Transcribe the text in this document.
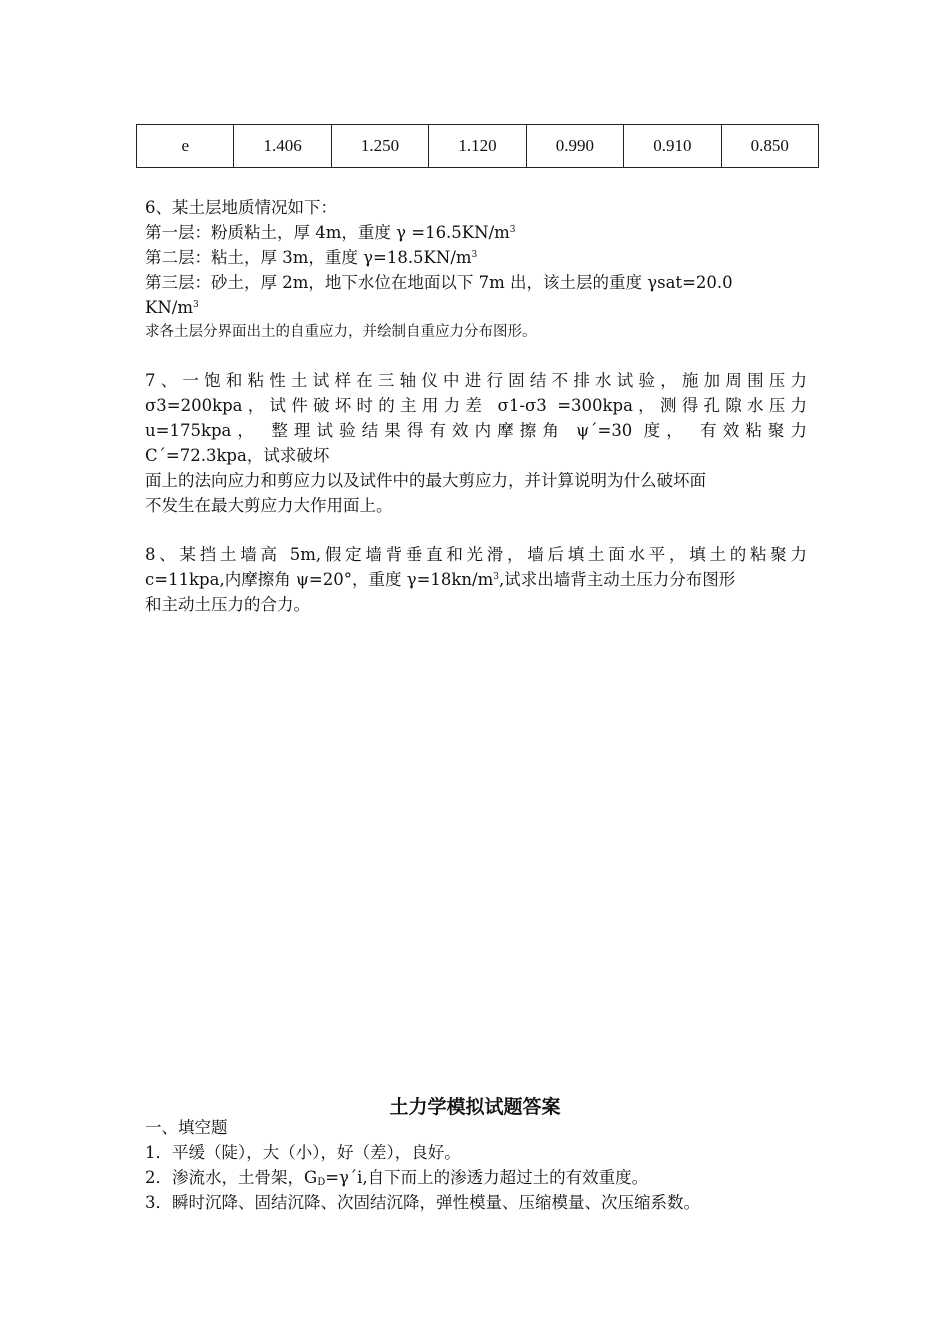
e	1.406	1.250	1.120	0.990	0.910	0.850

6、某土层地质情况如下：

第一层：粉质粘土，厚 4m，重度 $\gamma =16.5KN/m^3$

第二层：粘土，厚 3m，重度 $\gamma=18.5KN/m^3$

第三层：砂土，厚 2m，地下水位在地面以下 7m 出，该土层的重度 γsat=20.0

$KN/m^3$

求各土层分界面出土的自重应力，并绘制自重应力分布图形。

7、一饱和粘性土试样在三轴仪中进行固结不排水试验，施加周围压力

σ3=200kpa，试件破坏时的主用力差 σ1-σ3 =300kpa，测得孔隙水压力

u=175kpa， 整理试验结果得有效内摩擦角 ψ´=30 度， 有效粘聚力

C´=72.3kpa，试求破坏

面上的法向应力和剪应力以及试件中的最大剪应力，并计算说明为什么破坏面

不发生在最大剪应力大作用面上。

8、某挡土墙高 5m,假定墙背垂直和光滑，墙后填土面水平，填土的粘聚力

c=11kpa,内摩擦角 ψ=20°，重度 $\gamma=18kn/m^3$,试求出墙背主动土压力分布图形

和主动土压力的合力。

土力学模拟试题答案

一、填空题

1．平缓（陡），大（小），好（差），良好。

2．渗流水，土骨架，$G_D=\gamma´i$,自下而上的渗透力超过土的有效重度。

3．瞬时沉降、固结沉降、次固结沉降，弹性模量、压缩模量、次压缩系数。
